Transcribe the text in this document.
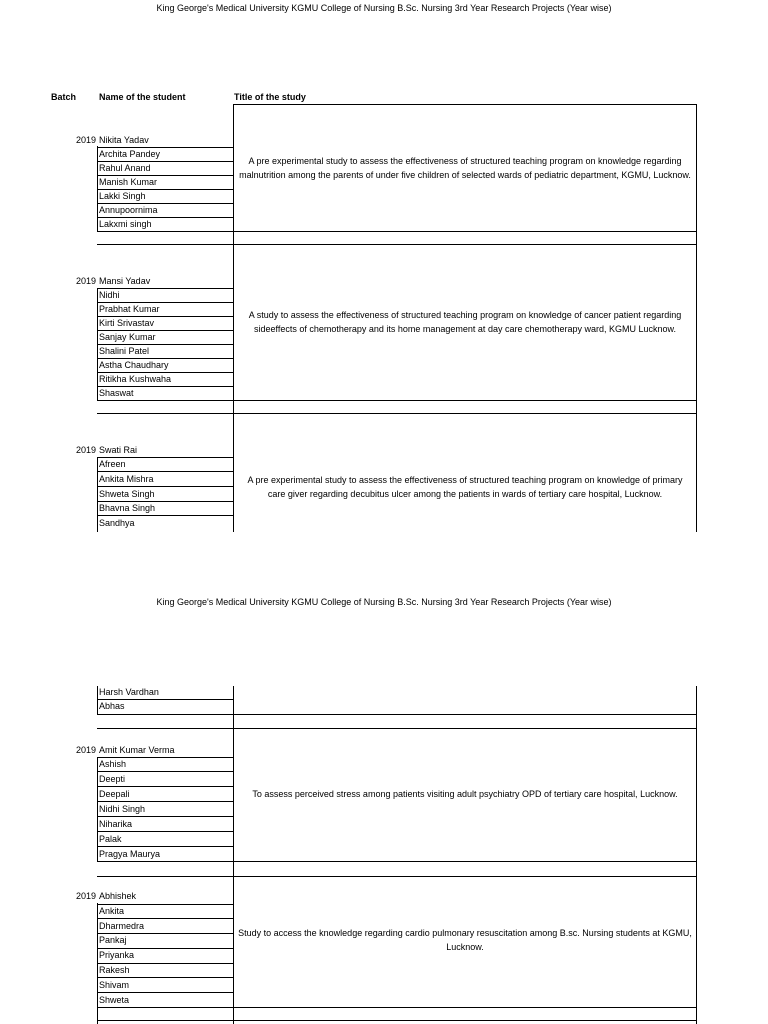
King George's Medical University KGMU College of Nursing B.Sc. Nursing 3rd Year Research Projects (Year wise)
Batch	Name of the student	Title of the study
2019 Nikita Yadav
Archita Pandey
Rahul Anand
Manish Kumar
Lakki Singh
Annupoornima
Lakxmi singh
A pre experimental study to assess the effectiveness of structured teaching program on knowledge regarding malnutrition among the parents of under five children of selected wards of pediatric department, KGMU, Lucknow.
2019 Mansi Yadav
Nidhi
Prabhat Kumar
Kirti Srivastav
Sanjay Kumar
Shalini Patel
Astha Chaudhary
Ritikha Kushwaha
Shaswat
A study to assess the effectiveness of structured teaching program on knowledge of cancer patient regarding sideeffects of chemotherapy and its home management at day care chemotherapy ward, KGMU Lucknow.
2019 Swati Rai
Afreen
Ankita Mishra
Shweta Singh
Bhavna Singh
Sandhya
A pre experimental study to assess the effectiveness of structured teaching program on knowledge of primary care giver regarding decubitus ulcer among the patients in wards of tertiary care hospital, Lucknow.
King George's Medical University KGMU College of Nursing B.Sc. Nursing 3rd Year Research Projects (Year wise)
Harsh Vardhan
Abhas
2019 Amit Kumar Verma
Ashish
Deepti
Deepali
Nidhi Singh
Niharika
Palak
Pragya Maurya
To assess perceived stress among patients visiting adult psychiatry OPD of tertiary care hospital, Lucknow.
2019 Abhishek
Ankita
Dharmedra
Pankaj
Priyanka
Rakesh
Shivam
Shweta
Study to access the knowledge regarding cardio pulmonary resuscitation among B.sc. Nursing students at KGMU, Lucknow.
